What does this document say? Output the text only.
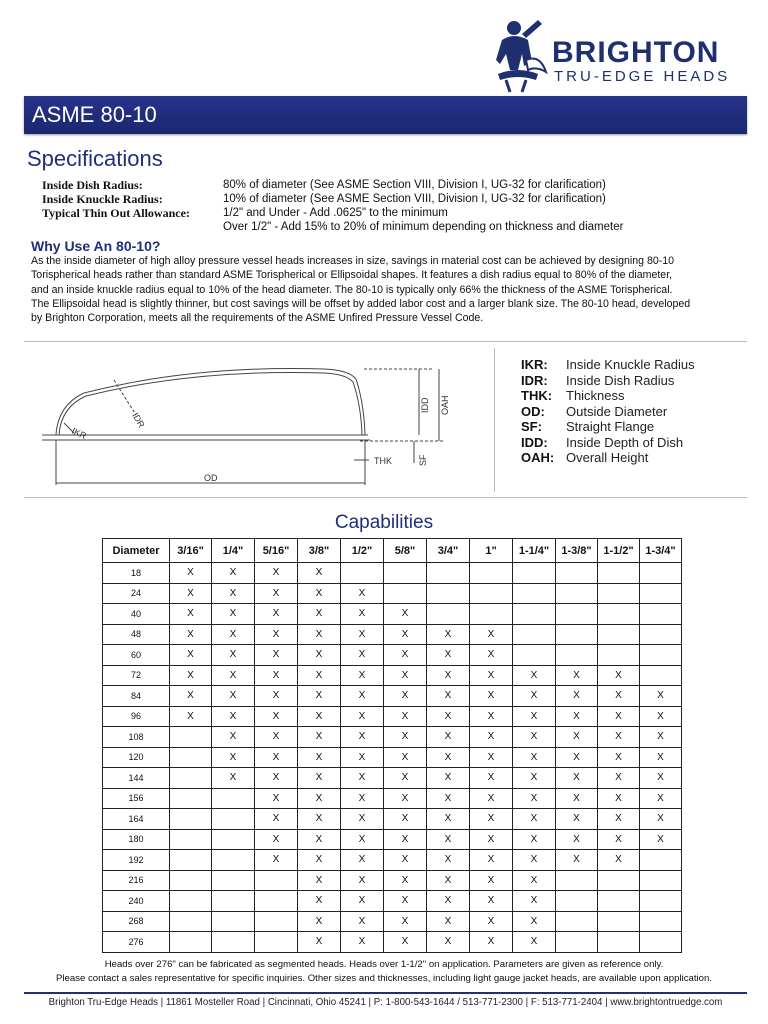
BRIGHTON
TRU-EDGE HEADS
ASME 80-10
Specifications
Inside Dish Radius:	80% of diameter (See ASME Section VIII, Division I, UG-32 for clarification)
Inside Knuckle Radius:	10% of diameter (See ASME Section VIII, Division I, UG-32 for clarification)
Typical Thin Out Allowance:	1/2" and Under - Add .0625" to the minimum
Over 1/2" - Add 15% to 20% of minimum depending on thickness and diameter
Why Use An 80-10?
As the inside diameter of high alloy pressure vessel heads increases in size, savings in material cost can be achieved by designing 80-10
Torispherical heads rather than standard ASME Torispherical or Ellipsoidal shapes. It features a dish radius equal to 80% of the diameter,
and an inside knuckle radius equal to 10% of the head diameter. The 80-10 is typically only 66% the thickness of the ASME Torispherical.
The Ellipsoidal head is slightly thinner, but cost savings will be offset by added labor cost and a larger blank size. The 80-10 head, developed
by Brighton Corporation, meets all the requirements of the ASME Unfired Pressure Vessel Code.
IDR
IKR
IDD OAH
THK	SF
OD
IKR: Inside Knuckle Radius
IDR: Inside Dish Radius
THK: Thickness
OD: Outside Diameter
SF: Straight Flange
IDD: Inside Depth of Dish
OAH: Overall Height
Capabilities
Diameter	3/16"	1/4"	5/16"	3/8"	1/2"	5/8"	3/4"	1"	1-1/4"	1-3/8"	1-1/2"	1-3/4"
18	X	X	X	X								
24	X	X	X	X	X							
40	X	X	X	X	X	X						
48	X	X	X	X	X	X	X	X				
60	X	X	X	X	X	X	X	X				
72	X	X	X	X	X	X	X	X	X	X	X	
84	X	X	X	X	X	X	X	X	X	X	X	X
96	X	X	X	X	X	X	X	X	X	X	X	X
108		X	X	X	X	X	X	X	X	X	X	X
120		X	X	X	X	X	X	X	X	X	X	X
144		X	X	X	X	X	X	X	X	X	X	X
156			X	X	X	X	X	X	X	X	X	X
164			X	X	X	X	X	X	X	X	X	X
180			X	X	X	X	X	X	X	X	X	X
192			X	X	X	X	X	X	X	X	X	
216				X	X	X	X	X	X			
240				X	X	X	X	X	X			
268				X	X	X	X	X	X			
276				X	X	X	X	X	X			
Heads over 276" can be fabricated as segmented heads. Heads over 1-1/2" on application. Parameters are given as reference only.
Please contact a sales representative for specific inquiries. Other sizes and thicknesses, including light gauge jacket heads, are available upon application.
Brighton Tru-Edge Heads | 11861 Mosteller Road | Cincinnati, Ohio 45241 | P: 1-800-543-1644 / 513-771-2300 | F: 513-771-2404 | www.brightontruedge.com
